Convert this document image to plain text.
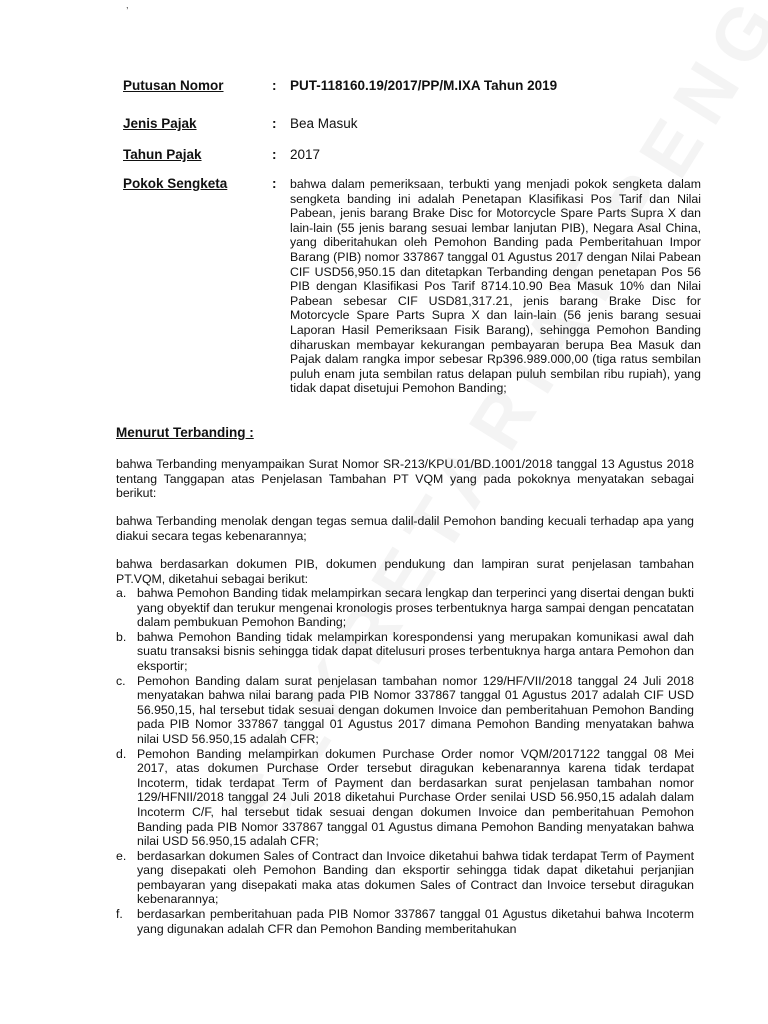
,
Putusan Nomor	: PUT-118160.19/2017/PP/M.IXA Tahun 2019
Jenis Pajak	: Bea Masuk
Tahun Pajak	: 2017
Pokok Sengketa	: bahwa dalam pemeriksaan, terbukti yang menjadi pokok sengketa dalam sengketa banding ini adalah Penetapan Klasifikasi Pos Tarif dan Nilai Pabean, jenis barang Brake Disc for Motorcycle Spare Parts Supra X dan lain-lain (55 jenis barang sesuai lembar lanjutan PIB), Negara Asal China, yang diberitahukan oleh Pemohon Banding pada Pemberitahuan Impor Barang (PIB) nomor 337867 tanggal 01 Agustus 2017 dengan Nilai Pabean CIF USD56,950.15 dan ditetapkan Terbanding dengan penetapan Pos 56 PIB dengan Klasifikasi Pos Tarif 8714.10.90 Bea Masuk 10% dan Nilai Pabean sebesar CIF USD81,317.21, jenis barang Brake Disc for Motorcycle Spare Parts Supra X dan lain-lain (56 jenis barang sesuai Laporan Hasil Pemeriksaan Fisik Barang), sehingga Pemohon Banding diharuskan membayar kekurangan pembayaran berupa Bea Masuk dan Pajak dalam rangka impor sebesar Rp396.989.000,00 (tiga ratus sembilan puluh enam juta sembilan ratus delapan puluh sembilan ribu rupiah), yang tidak dapat disetujui Pemohon Banding;

Menurut Terbanding :

bahwa Terbanding menyampaikan Surat Nomor SR-213/KPU.01/BD.1001/2018 tanggal 13 Agustus 2018 tentang Tanggapan atas Penjelasan Tambahan PT VQM yang pada pokoknya menyatakan sebagai berikut:

bahwa Terbanding menolak dengan tegas semua dalil-dalil Pemohon banding kecuali terhadap apa yang diakui secara tegas kebenarannya;

bahwa berdasarkan dokumen PIB, dokumen pendukung dan lampiran surat penjelasan tambahan PT.VQM, diketahui sebagai berikut:

a. bahwa Pemohon Banding tidak melampirkan secara lengkap dan terperinci yang disertai dengan bukti yang obyektif dan terukur mengenai kronologis proses terbentuknya harga sampai dengan pencatatan dalam pembukuan Pemohon Banding;
b. bahwa Pemohon Banding tidak melampirkan korespondensi yang merupakan komunikasi awal dah suatu transaksi bisnis sehingga tidak dapat ditelusuri proses terbentuknya harga antara Pemohon dan eksportir;
c. Pemohon Banding dalam surat penjelasan tambahan nomor 129/HF/VII/2018 tanggal 24 Juli 2018 menyatakan bahwa nilai barang pada PIB Nomor 337867 tanggal 01 Agustus 2017 adalah CIF USD 56.950,15, hal tersebut tidak sesuai dengan dokumen Invoice dan pemberitahuan Pemohon Banding pada PIB Nomor 337867 tanggal 01 Agustus 2017 dimana Pemohon Banding menyatakan bahwa nilai USD 56.950,15 adalah CFR;
d. Pemohon Banding melampirkan dokumen Purchase Order nomor VQM/2017122 tanggal 08 Mei 2017, atas dokumen Purchase Order tersebut diragukan kebenarannya karena tidak terdapat Incoterm, tidak terdapat Term of Payment dan berdasarkan surat penjelasan tambahan nomor 129/HFNII/2018 tanggal 24 Juli 2018 diketahui Purchase Order senilai USD 56.950,15 adalah dalam Incoterm C/F, hal tersebut tidak sesuai dengan dokumen Invoice dan pemberitahuan Pemohon Banding pada PIB Nomor 337867 tanggal 01 Agustus dimana Pemohon Banding menyatakan bahwa nilai USD 56.950,15 adalah CFR;
e. berdasarkan dokumen Sales of Contract dan Invoice diketahui bahwa tidak terdapat Term of Payment yang disepakati oleh Pemohon Banding dan eksportir sehingga tidak dapat diketahui perjanjian pembayaran yang disepakati maka atas dokumen Sales of Contract dan Invoice tersebut diragukan kebenarannya;
f. berdasarkan pemberitahuan pada PIB Nomor 337867 tanggal 01 Agustus diketahui bahwa Incoterm yang digunakan adalah CFR dan Pemohon Banding memberitahukan
